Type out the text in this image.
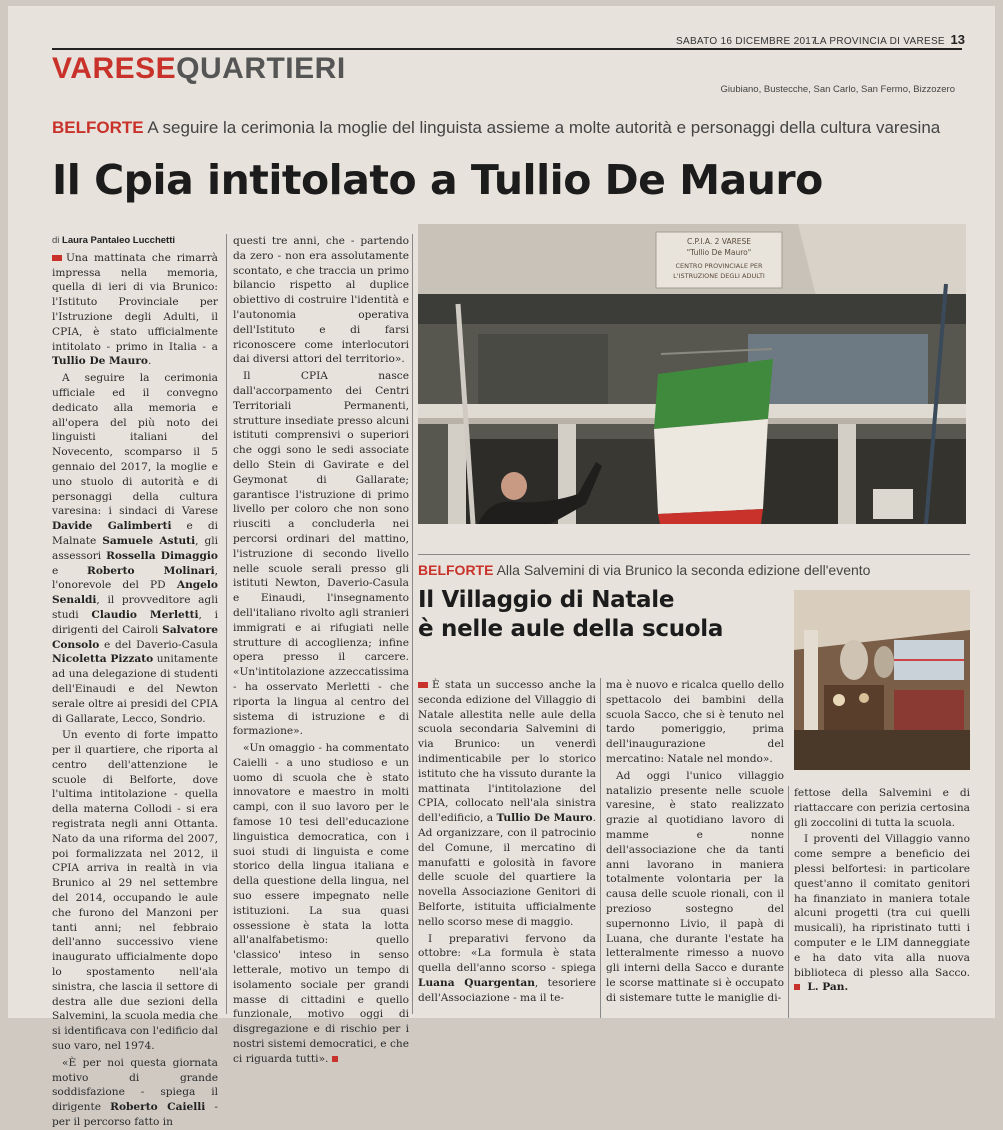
SABATO 16 DICEMBRE 2017
LA PROVINCIA DI VARESE 13
VARESEQUARTIERI
Giubiano, Bustecche, San Carlo, San Fermo, Bizzozero
BELFORTE A seguire la cerimonia la moglie del linguista assieme a molte autorità e personaggi della cultura varesina
Il Cpia intitolato a Tullio De Mauro

di Laura Pantaleo Lucchetti

Una mattinata che rimarrà impressa nella memoria, quella di ieri di via Brunico: l'Istituto Provinciale per l'Istruzione degli Adulti, il CPIA, è stato ufficialmente intitolato - primo in Italia - a Tullio De Mauro.

A seguire la cerimonia ufficiale ed il convegno dedicato alla memoria e all'opera del più noto dei linguisti italiani del Novecento, scomparso il 5 gennaio del 2017, la moglie e uno stuolo di autorità e di personaggi della cultura varesina: i sindaci di Varese Davide Galimberti e di Malnate Samuele Astuti, gli assessori Rossella Dimaggio e	Roberto Molinari, l'onorevole del PD Angelo Senaldi, il provveditore agli studi Claudio Merletti, i dirigenti del Cairoli Salvatore Consolo e del Daverio-Casula Nicoletta Pizzato unitamente ad una delegazione di studenti dell'Einaudi e del Newton serale oltre ai presidi del CPIA di Gallarate, Lecco, Sondrio.

Un evento di forte impatto per il quartiere, che riporta al centro dell'attenzione le scuole di Belforte, dove l'ultima intitolazione - quella della materna Collodi - si era registrata negli anni Ottanta. Nato da una riforma del 2007, poi formalizzata nel 2012, il CPIA arriva in realtà in via Brunico al 29 nel settembre del 2014, occupando le aule che furono del Manzoni per tanti anni; nel febbraio dell'anno successivo viene inaugurato ufficialmente dopo lo spostamento nell'ala sinistra, che lascia il settore di destra alle due sezioni della Salvemini, la scuola media che si identificava con l'edificio dal suo varo, nel 1974.

«È per noi questa giornata motivo di grande soddisfazione - spiega il dirigente Roberto Caielli - per il percorso fatto in

questi tre anni, che - partendo da zero - non era assolutamente scontato, e che traccia un primo bilancio rispetto al duplice obiettivo di costruire l'identità e l'autonomia operativa dell'Istituto e di farsi riconoscere come interlocutori dai diversi attori del territorio».

Il CPIA nasce dall'accorpamento dei Centri Territoriali Permanenti, strutture insediate presso alcuni istituti comprensivi o superiori che oggi sono le sedi associate dello Stein di Gavirate e del Geymonat di Gallarate; garantisce l'istruzione di primo livello per coloro che non sono riusciti a concluderla nei percorsi ordinari del mattino, l'istruzione di secondo livello nelle scuole serali presso gli istituti Newton, Daverio-Casula e Einaudi, l'insegnamento dell'italiano rivolto agli stranieri immigrati e ai rifugiati nelle strutture di accoglienza; infine opera presso il carcere. «Un'intitolazione azzeccatissima - ha osservato Merletti - che riporta la lingua al centro del sistema di istruzione e di formazione».

«Un omaggio - ha commentato Caielli - a uno studioso e un uomo di scuola che è stato innovatore e maestro in molti campi, con il suo lavoro per le famose 10 tesi dell'educazione linguistica democratica, con i suoi studi di linguista e come storico della lingua italiana e della questione della lingua, nel suo essere impegnato nelle istituzioni. La sua quasi ossessione è stata la lotta all'analfabetismo: quello 'classico' inteso in senso letterale, motivo un tempo di isolamento sociale per grandi masse di cittadini e quello funzionale, motivo oggi di disgregazione e di rischio per i nostri sistemi democratici, e che ci riguarda tutti».

C.P.I.A. 2 VARESE
"Tullio De Mauro"
CENTRO PROVINCIALE PER
L'ISTRUZIONE DEGLI ADULTI
BELFORTE Alla Salvemini di via Brunico la seconda edizione dell'evento
Il Villaggio di Natale
è nelle aule della scuola

È stata un successo anche la seconda edizione del Villaggio di Natale allestita nelle aule della scuola secondaria Salvemini di via Brunico: un venerdì indimenticabile per lo storico istituto che ha vissuto durante la mattinata l'intitolazione del CPIA, collocato nell'ala sinistra dell'edificio, a Tullio De Mauro. Ad organizzare, con il patrocinio del Comune, il mercatino di manufatti e golosità in favore delle scuole del quartiere la novella Associazione Genitori di Belforte, istituita ufficialmente nello scorso mese di maggio.

I preparativi fervono da ottobre: «La formula è stata quella dell'anno scorso - spiega Luana Quargentan, tesoriere dell'Associazione - ma il te-

ma è nuovo e ricalca quello dello spettacolo dei bambini della scuola Sacco, che si è tenuto nel tardo pomeriggio, prima dell'inaugurazione del mercatino: Natale nel mondo».

Ad oggi l'unico villaggio natalizio presente nelle scuole varesine, è stato realizzato grazie al quotidiano lavoro di mamme e nonne dell'associazione che da tanti anni lavorano in maniera totalmente volontaria per la causa delle scuole rionali, con il prezioso sostegno del supernonno Livio, il papà di Luana, che durante l'estate ha letteralmente rimesso a nuovo gli interni della Sacco e durante le scorse mattinate si è occupato di sistemare tutte le maniglie di-

fettose della Salvemini e di riattaccare con perizia certosina gli zoccolini di tutta la scuola.

I proventi del Villaggio vanno come sempre a beneficio dei plessi belfortesi: in particolare quest'anno il comitato genitori ha finanziato in maniera totale alcuni progetti (tra cui quelli musicali), ha ripristinato tutti i computer e le LIM danneggiate e ha dato vita alla nuova biblioteca di plesso alla Sacco.  L. Pan.
